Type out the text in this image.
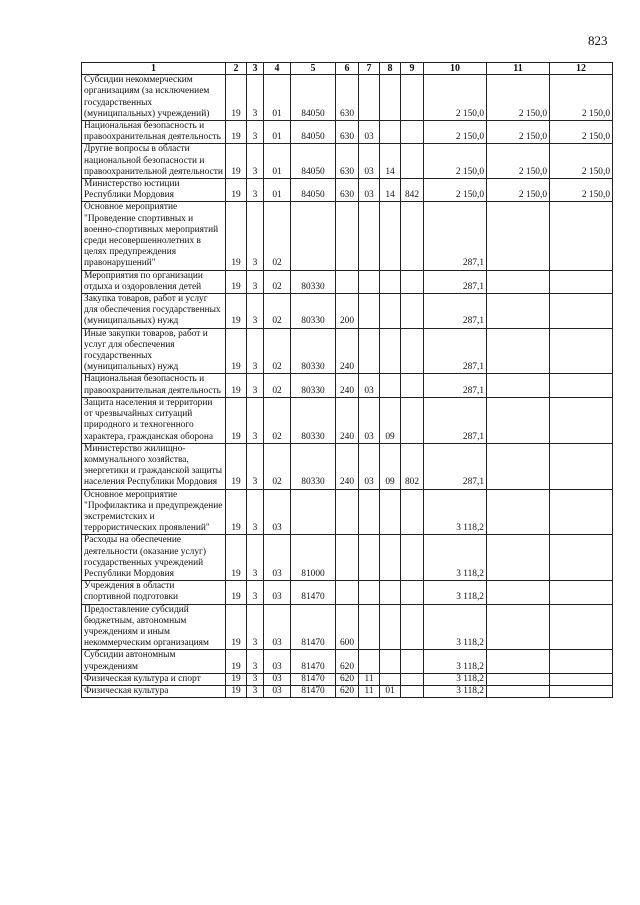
823
1	2	3	4	5	6	7	8	9	10	11	12
Субсидии некоммерческим организациям (за исключением государственных (муниципальных) учреждений)	19	3	01	84050	630				2 150,0	2 150,0	2 150,0
Национальная безопасность и правоохранительная деятельность	19	3	01	84050	630	03			2 150,0	2 150,0	2 150,0
Другие вопросы в области национальной безопасности и правоохранительной деятельности	19	3	01	84050	630	03	14		2 150,0	2 150,0	2 150,0
Министерство юстиции Республики Мордовия	19	3	01	84050	630	03	14	842	2 150,0	2 150,0	2 150,0
Основное мероприятие "Проведение спортивных и военно-спортивных мероприятий среди несовершеннолетних в целях предупреждения правонарушений"	19	3	02						287,1		
Мероприятия по организации отдыха и оздоровления детей	19	3	02	80330					287,1		
Закупка товаров, работ и услуг для обеспечения государственных (муниципальных) нужд	19	3	02	80330	200				287,1		
Иные закупки товаров, работ и услуг для обеспечения государственных (муниципальных) нужд	19	3	02	80330	240				287,1		
Национальная безопасность и правоохранительная деятельность	19	3	02	80330	240	03			287,1		
Защита населения и территории от чрезвычайных ситуаций природного и техногенного характера, гражданская оборона	19	3	02	80330	240	03	09		287,1		
Министерство жилищно-коммунального хозяйства, энергетики и гражданской защиты населения Республики Мордовия	19	3	02	80330	240	03	09	802	287,1		
Основное мероприятие "Профилактика и предупреждение экстремистских и террористических проявлений"	19	3	03						3 118,2		
Расходы на обеспечение деятельности (оказание услуг) государственных учреждений Республики Мордовия	19	3	03	81000					3 118,2		
Учреждения в области спортивной подготовки	19	3	03	81470					3 118,2		
Предоставление субсидий бюджетным, автономным учреждениям и иным некоммерческим организациям	19	3	03	81470	600				3 118,2		
Субсидии автономным учреждениям	19	3	03	81470	620				3 118,2		
Физическая культура и спорт	19	3	03	81470	620	11			3 118,2		
Физическая культура	19	3	03	81470	620	11	01		3 118,2		
